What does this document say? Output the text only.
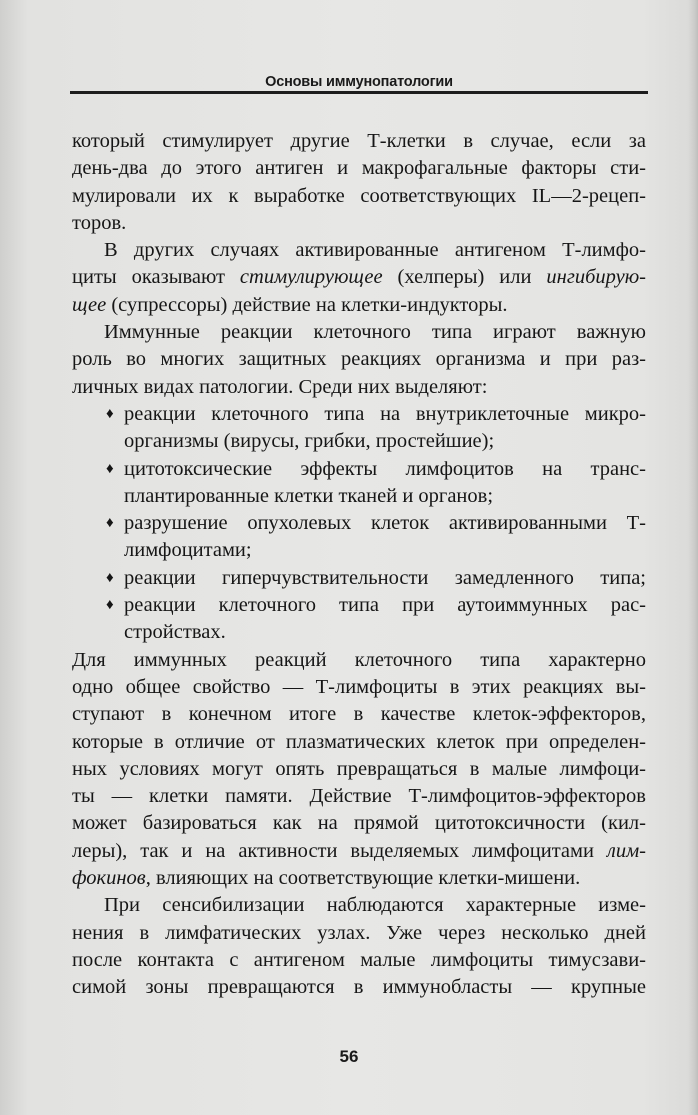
Основы иммунопатологии
который стимулирует другие Т-клетки в случае, если за
день-два до этого антиген и макрофагальные факторы сти-
мулировали их к выработке соответствующих IL—2-рецеп-
торов.
В других случаях активированные антигеном Т-лимфо-
циты оказывают стимулирующее (хелперы) или ингибирую-
щее (супрессоры) действие на клетки-индукторы.
Иммунные реакции клеточного типа играют важную
роль во многих защитных реакциях организма и при раз-
личных видах патологии. Среди них выделяют:
♦ реакции клеточного типа на внутриклеточные микро-
организмы (вирусы, грибки, простейшие);
♦ цитотоксические эффекты лимфоцитов на транс-
плантированные клетки тканей и органов;
♦ разрушение опухолевых клеток активированными Т-
лимфоцитами;
♦ реакции гиперчувствительности замедленного типа;
♦ реакции клеточного типа при аутоиммунных рас-
стройствах.
Для иммунных реакций клеточного типа характерно
одно общее свойство — Т-лимфоциты в этих реакциях вы-
ступают в конечном итоге в качестве клеток-эффекторов,
которые в отличие от плазматических клеток при определен-
ных условиях могут опять превращаться в малые лимфоци-
ты — клетки памяти. Действие Т-лимфоцитов-эффекторов
может базироваться как на прямой цитотоксичности (кил-
леры), так и на активности выделяемых лимфоцитами лим-
фокинов, влияющих на соответствующие клетки-мишени.
При сенсибилизации наблюдаются характерные изме-
нения в лимфатических узлах. Уже через несколько дней
после контакта с антигеном малые лимфоциты тимусзави-
симой зоны превращаются в иммунобласты — крупные
56
